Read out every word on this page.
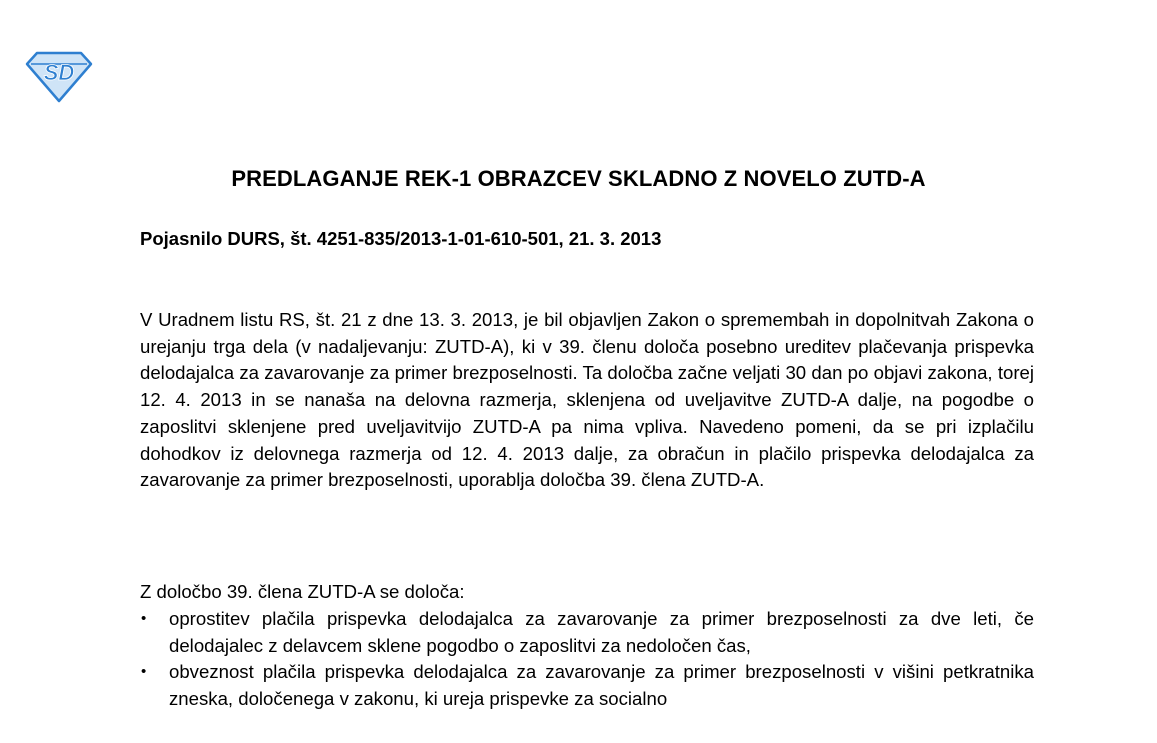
SD
PREDLAGANJE REK-1 OBRAZCEV SKLADNO Z NOVELO ZUTD-A
Pojasnilo DURS, št. 4251-835/2013-1-01-610-501, 21. 3. 2013

V Uradnem listu RS, št. 21 z dne 13. 3. 2013, je bil objavljen Zakon o spremembah in dopolnitvah Zakona o urejanju trga dela (v nadaljevanju: ZUTD-A), ki v 39. členu določa posebno ureditev plačevanja prispevka delodajalca za zavarovanje za primer brezposelnosti. Ta določba začne veljati 30 dan po objavi zakona, torej 12. 4. 2013 in se nanaša na delovna razmerja, sklenjena od uveljavitve ZUTD-A dalje, na pogodbe o zaposlitvi sklenjene pred uveljavitvijo ZUTD-A pa nima vpliva. Navedeno pomeni, da se pri izplačilu dohodkov iz delovnega razmerja od 12. 4. 2013 dalje, za obračun in plačilo prispevka delodajalca za zavarovanje za primer brezposelnosti, uporablja določba 39. člena ZUTD-A.

Z določbo 39. člena ZUTD-A se določa:

• oprostitev plačila prispevka delodajalca za zavarovanje za primer brezposelnosti za dve leti, če delodajalec z delavcem sklene pogodbo o zaposlitvi za nedoločen čas,
• obveznost plačila prispevka delodajalca za zavarovanje za primer brezposelnosti v višini petkratnika zneska, določenega v zakonu, ki ureja prispevke za socialno
